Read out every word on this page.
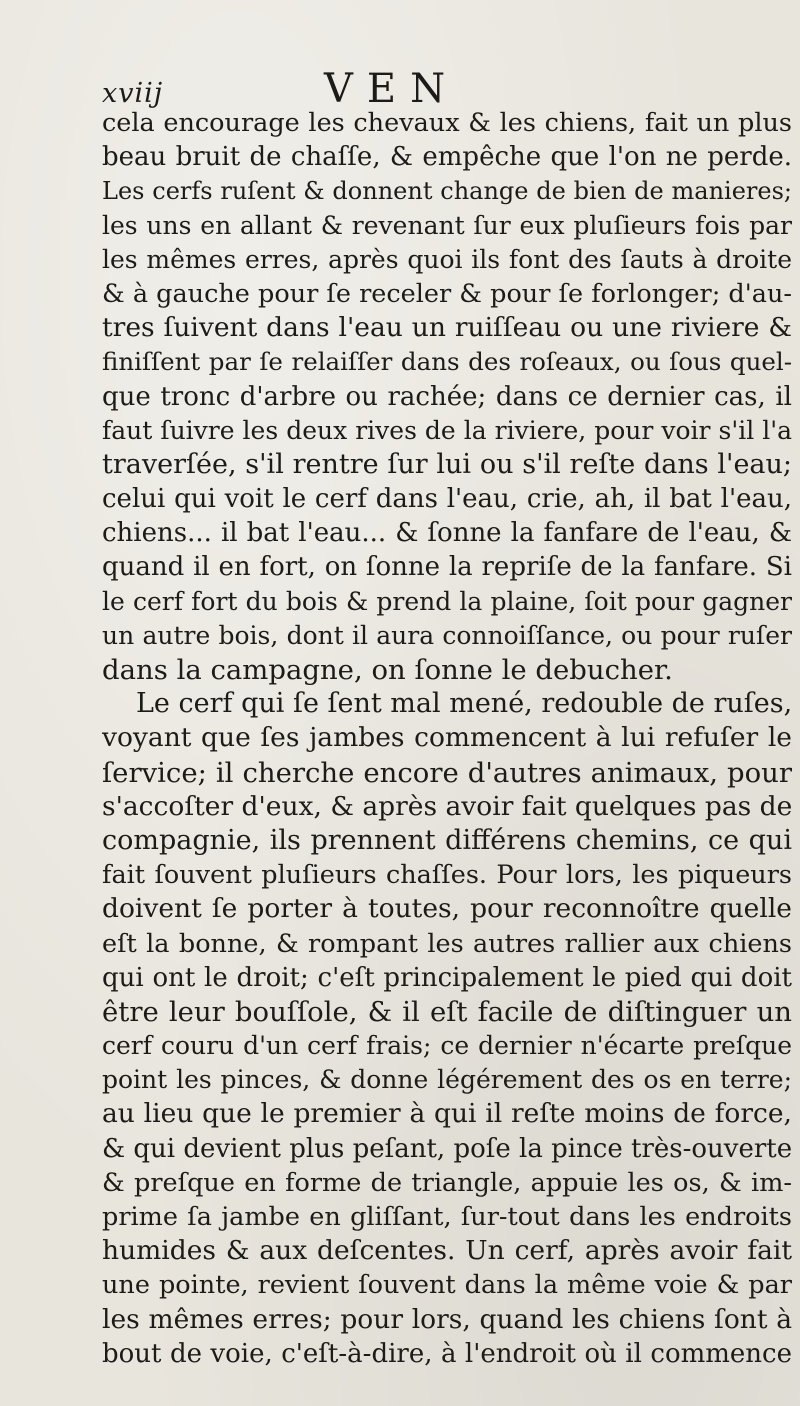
xviij	VEN
cela encourage les chevaux & les chiens, fait un plus
beau bruit de chaſſe, & empêche que l'on ne perde.
Les cerfs ruſent & donnent change de bien de manieres;
les uns en allant & revenant ſur eux pluſieurs fois par
les mêmes erres, après quoi ils font des ſauts à droite
& à gauche pour ſe receler & pour ſe forlonger; d'au-
tres ſuivent dans l'eau un ruiſſeau ou une riviere &
finiſſent par ſe relaiſſer dans des roſeaux, ou ſous quel-
que tronc d'arbre ou rachée; dans ce dernier cas, il
faut ſuivre les deux rives de la riviere, pour voir s'il l'a
traverſée, s'il rentre ſur lui ou s'il reſte dans l'eau;
celui qui voit le cerf dans l'eau, crie, ah, il bat l'eau,
chiens... il bat l'eau... & ſonne la fanfare de l'eau, &
quand il en fort, on ſonne la repriſe de la fanfare. Si
le cerf fort du bois & prend la plaine, ſoit pour gagner
un autre bois, dont il aura connoiſſance, ou pour ruſer
dans la campagne, on ſonne le debucher.
Le cerf qui ſe ſent mal mené, redouble de ruſes,
voyant que ſes jambes commencent à lui refuſer le
ſervice; il cherche encore d'autres animaux, pour
s'accoſter d'eux, & après avoir fait quelques pas de
compagnie, ils prennent différens chemins, ce qui
fait ſouvent pluſieurs chaſſes. Pour lors, les piqueurs
doivent ſe porter à toutes, pour reconnoître quelle
eſt la bonne, & rompant les autres rallier aux chiens
qui ont le droit; c'eſt principalement le pied qui doit
être leur bouſſole, & il eſt facile de diſtinguer un
cerf couru d'un cerf frais; ce dernier n'écarte preſque
point les pinces, & donne légérement des os en terre;
au lieu que le premier à qui il reſte moins de force,
& qui devient plus peſant, poſe la pince très-ouverte
& preſque en forme de triangle, appuie les os, & im-
prime ſa jambe en gliſſant, ſur-tout dans les endroits
humides & aux deſcentes. Un cerf, après avoir fait
une pointe, revient ſouvent dans la même voie & par
les mêmes erres; pour lors, quand les chiens ſont à
bout de voie, c'eſt-à-dire, à l'endroit où il commence
